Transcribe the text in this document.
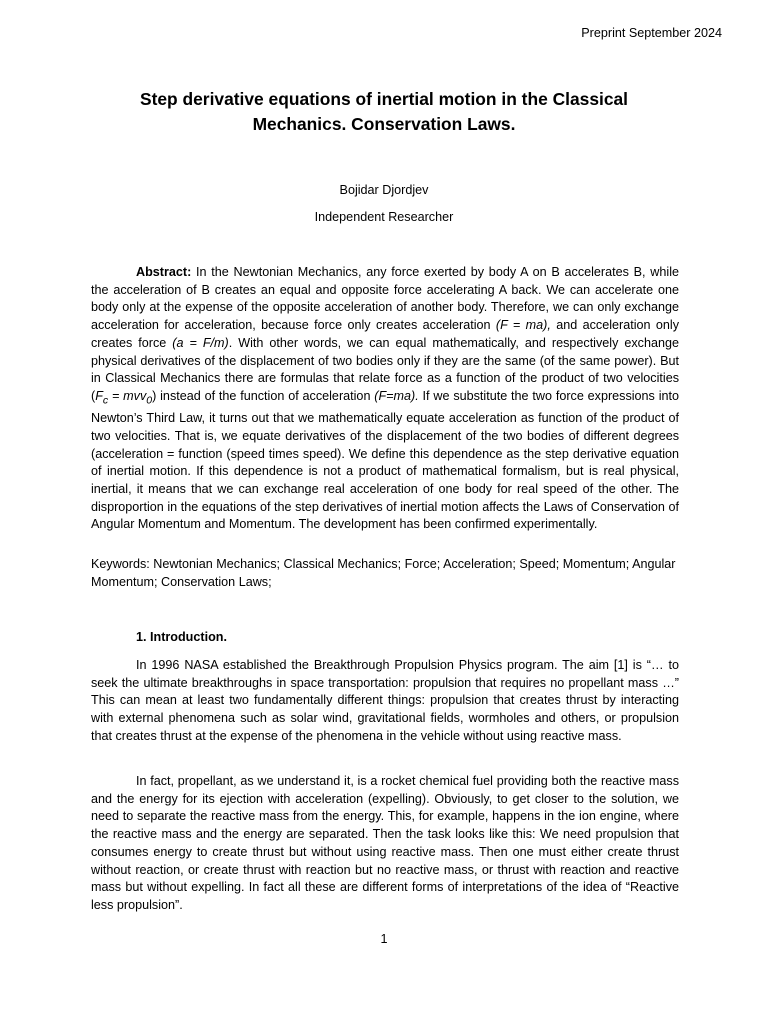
Preprint September 2024
Step derivative equations of inertial motion in the Classical
Mechanics. Conservation Laws.
Bojidar Djordjev
Independent Researcher

Abstract: In the Newtonian Mechanics, any force exerted by body A on B accelerates B, while the acceleration of B creates an equal and opposite force accelerating A back. We can accelerate one body only at the expense of the opposite acceleration of another body. Therefore, we can only exchange acceleration for acceleration, because force only creates acceleration (F = ma), and acceleration only creates force (a = F/m). With other words, we can equal mathematically, and respectively exchange physical derivatives of the displacement of two bodies only if they are the same (of the same power). But in Classical Mechanics there are formulas that relate force as a function of the product of two velocities $(F_c = mvv_0)$ instead of the function of acceleration (F=ma). If we substitute the two force expressions into Newton’s Third Law, it turns out that we mathematically equate acceleration as function of the product of two velocities. That is, we equate derivatives of the displacement of the two bodies of different degrees (acceleration = function (speed times speed). We define this dependence as the step derivative equation of inertial motion. If this dependence is not a product of mathematical formalism, but is real physical, inertial, it means that we can exchange real acceleration of one body for real speed of the other. The disproportion in the equations of the step derivatives of inertial motion affects the Laws of Conservation of Angular Momentum and Momentum. The development has been confirmed experimentally.

Keywords: Newtonian Mechanics; Classical Mechanics; Force; Acceleration; Speed; Momentum; Angular Momentum; Conservation Laws;

1. Introduction.

In 1996 NASA established the Breakthrough Propulsion Physics program. The aim [1] is “… to seek the ultimate breakthroughs in space transportation: propulsion that requires no propellant mass …” This can mean at least two fundamentally different things: propulsion that creates thrust by interacting with external phenomena such as solar wind, gravitational fields, wormholes and others, or propulsion that creates thrust at the expense of the phenomena in the vehicle without using reactive mass.

In fact, propellant, as we understand it, is a rocket chemical fuel providing both the reactive mass and the energy for its ejection with acceleration (expelling). Obviously, to get closer to the solution, we need to separate the reactive mass from the energy. This, for example, happens in the ion engine, where the reactive mass and the energy are separated. Then the task looks like this: We need propulsion that consumes energy to create thrust but without using reactive mass. Then one must either create thrust without reaction, or create thrust with reaction but no reactive mass, or thrust with reaction and reactive mass but without expelling. In fact all these are different forms of interpretations of the idea of “Reactive less propulsion”.

1
